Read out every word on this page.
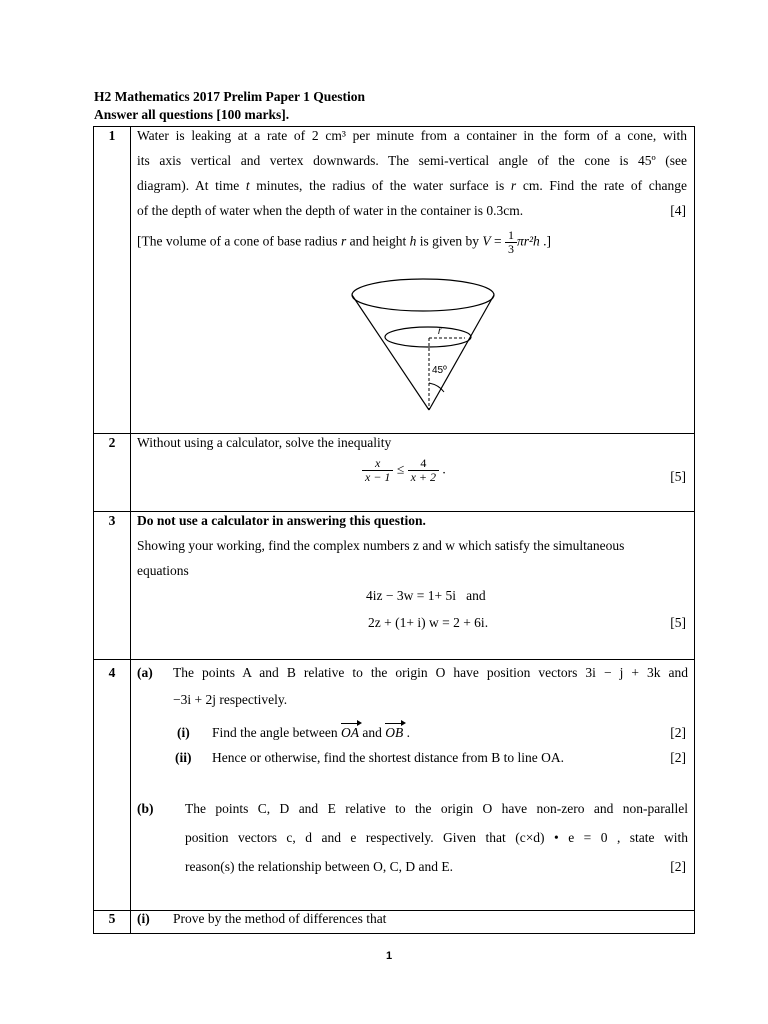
H2 Mathematics 2017 Prelim Paper 1 Question
Answer all questions [100 marks].
1	Water is leaking at a rate of 2 cm³ per minute from a container in the form of a cone, with
its axis vertical and vertex downwards. The semi-vertical angle of the cone is 45º (see
diagram). At time t minutes, the radius of the water surface is r cm. Find the rate of change
of the depth of water when the depth of water in the container is 0.3cm.	[4]
[The volume of a cone of base radius r and height h is given by $V = \frac{1}{3} \pi r^2h$ .]
r
45º
2	Without using a calculator, solve the inequality
$\frac{x}{x - 1} \le \frac{4}{x + 2}$ .	[5]
3	Do not use a calculator in answering this question.
Showing your working, find the complex numbers z and w which satisfy the simultaneous
equations
4iz − 3w = 1+ 5i   and
2z + (1+ i) w = 2 + 6i.	[5]
4	(a) The points A and B relative to the origin O have position vectors 3i − j + 3k and
−3i + 2j respectively.
(i) Find the angle between OA and OB .	[2]
(ii) Hence or otherwise, find the shortest distance from B to line OA.	[2]
(b) The points C, D and E relative to the origin O have non-zero and non-parallel
position vectors c, d and e respectively. Given that (c×d) • e = 0 , state with
reason(s) the relationship between O, C, D and E.	[2]
5	(i) Prove by the method of differences that
1
